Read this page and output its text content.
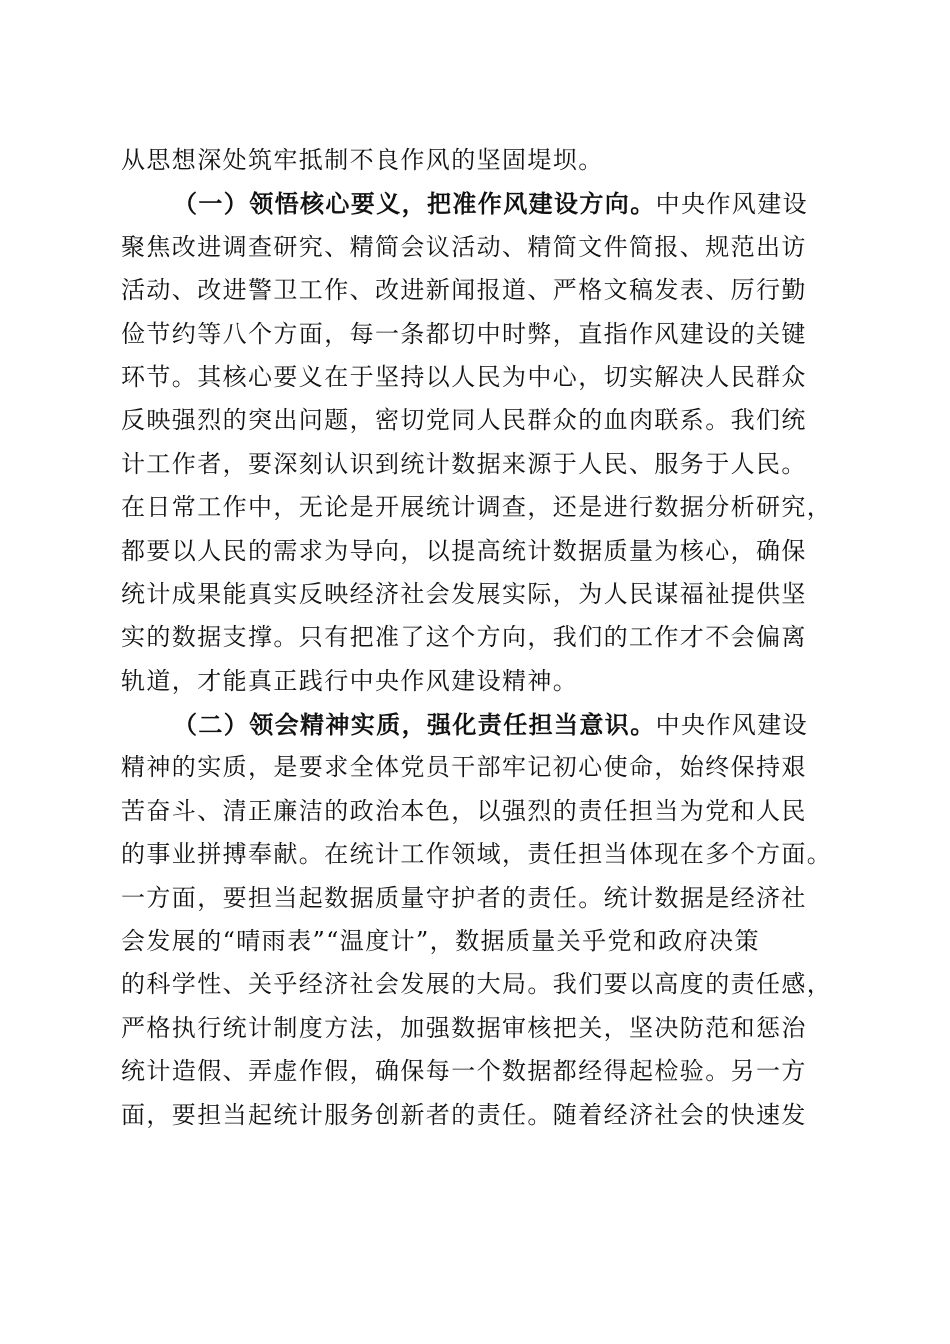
从思想深处筑牢抵制不良作风的坚固堤坝。
（一）领悟核心要义，把准作风建设方向。中央作风建设
聚焦改进调查研究、精简会议活动、精简文件简报、规范出访
活动、改进警卫工作、改进新闻报道、严格文稿发表、厉行勤
俭节约等八个方面，每一条都切中时弊，直指作风建设的关键
环节。其核心要义在于坚持以人民为中心，切实解决人民群众
反映强烈的突出问题，密切党同人民群众的血肉联系。我们统
计工作者，要深刻认识到统计数据来源于人民、服务于人民。
在日常工作中，无论是开展统计调查，还是进行数据分析研究，
都要以人民的需求为导向，以提高统计数据质量为核心，确保
统计成果能真实反映经济社会发展实际，为人民谋福祉提供坚
实的数据支撑。只有把准了这个方向，我们的工作才不会偏离
轨道，才能真正践行中央作风建设精神。
（二）领会精神实质，强化责任担当意识。中央作风建设
精神的实质，是要求全体党员干部牢记初心使命，始终保持艰
苦奋斗、清正廉洁的政治本色，以强烈的责任担当为党和人民
的事业拼搏奉献。在统计工作领域，责任担当体现在多个方面。
一方面，要担当起数据质量守护者的责任。统计数据是经济社
会发展的“晴雨表”“温度计”，数据质量关乎党和政府决策
的科学性、关乎经济社会发展的大局。我们要以高度的责任感，
严格执行统计制度方法，加强数据审核把关，坚决防范和惩治
统计造假、弄虚作假，确保每一个数据都经得起检验。另一方
面，要担当起统计服务创新者的责任。随着经济社会的快速发
